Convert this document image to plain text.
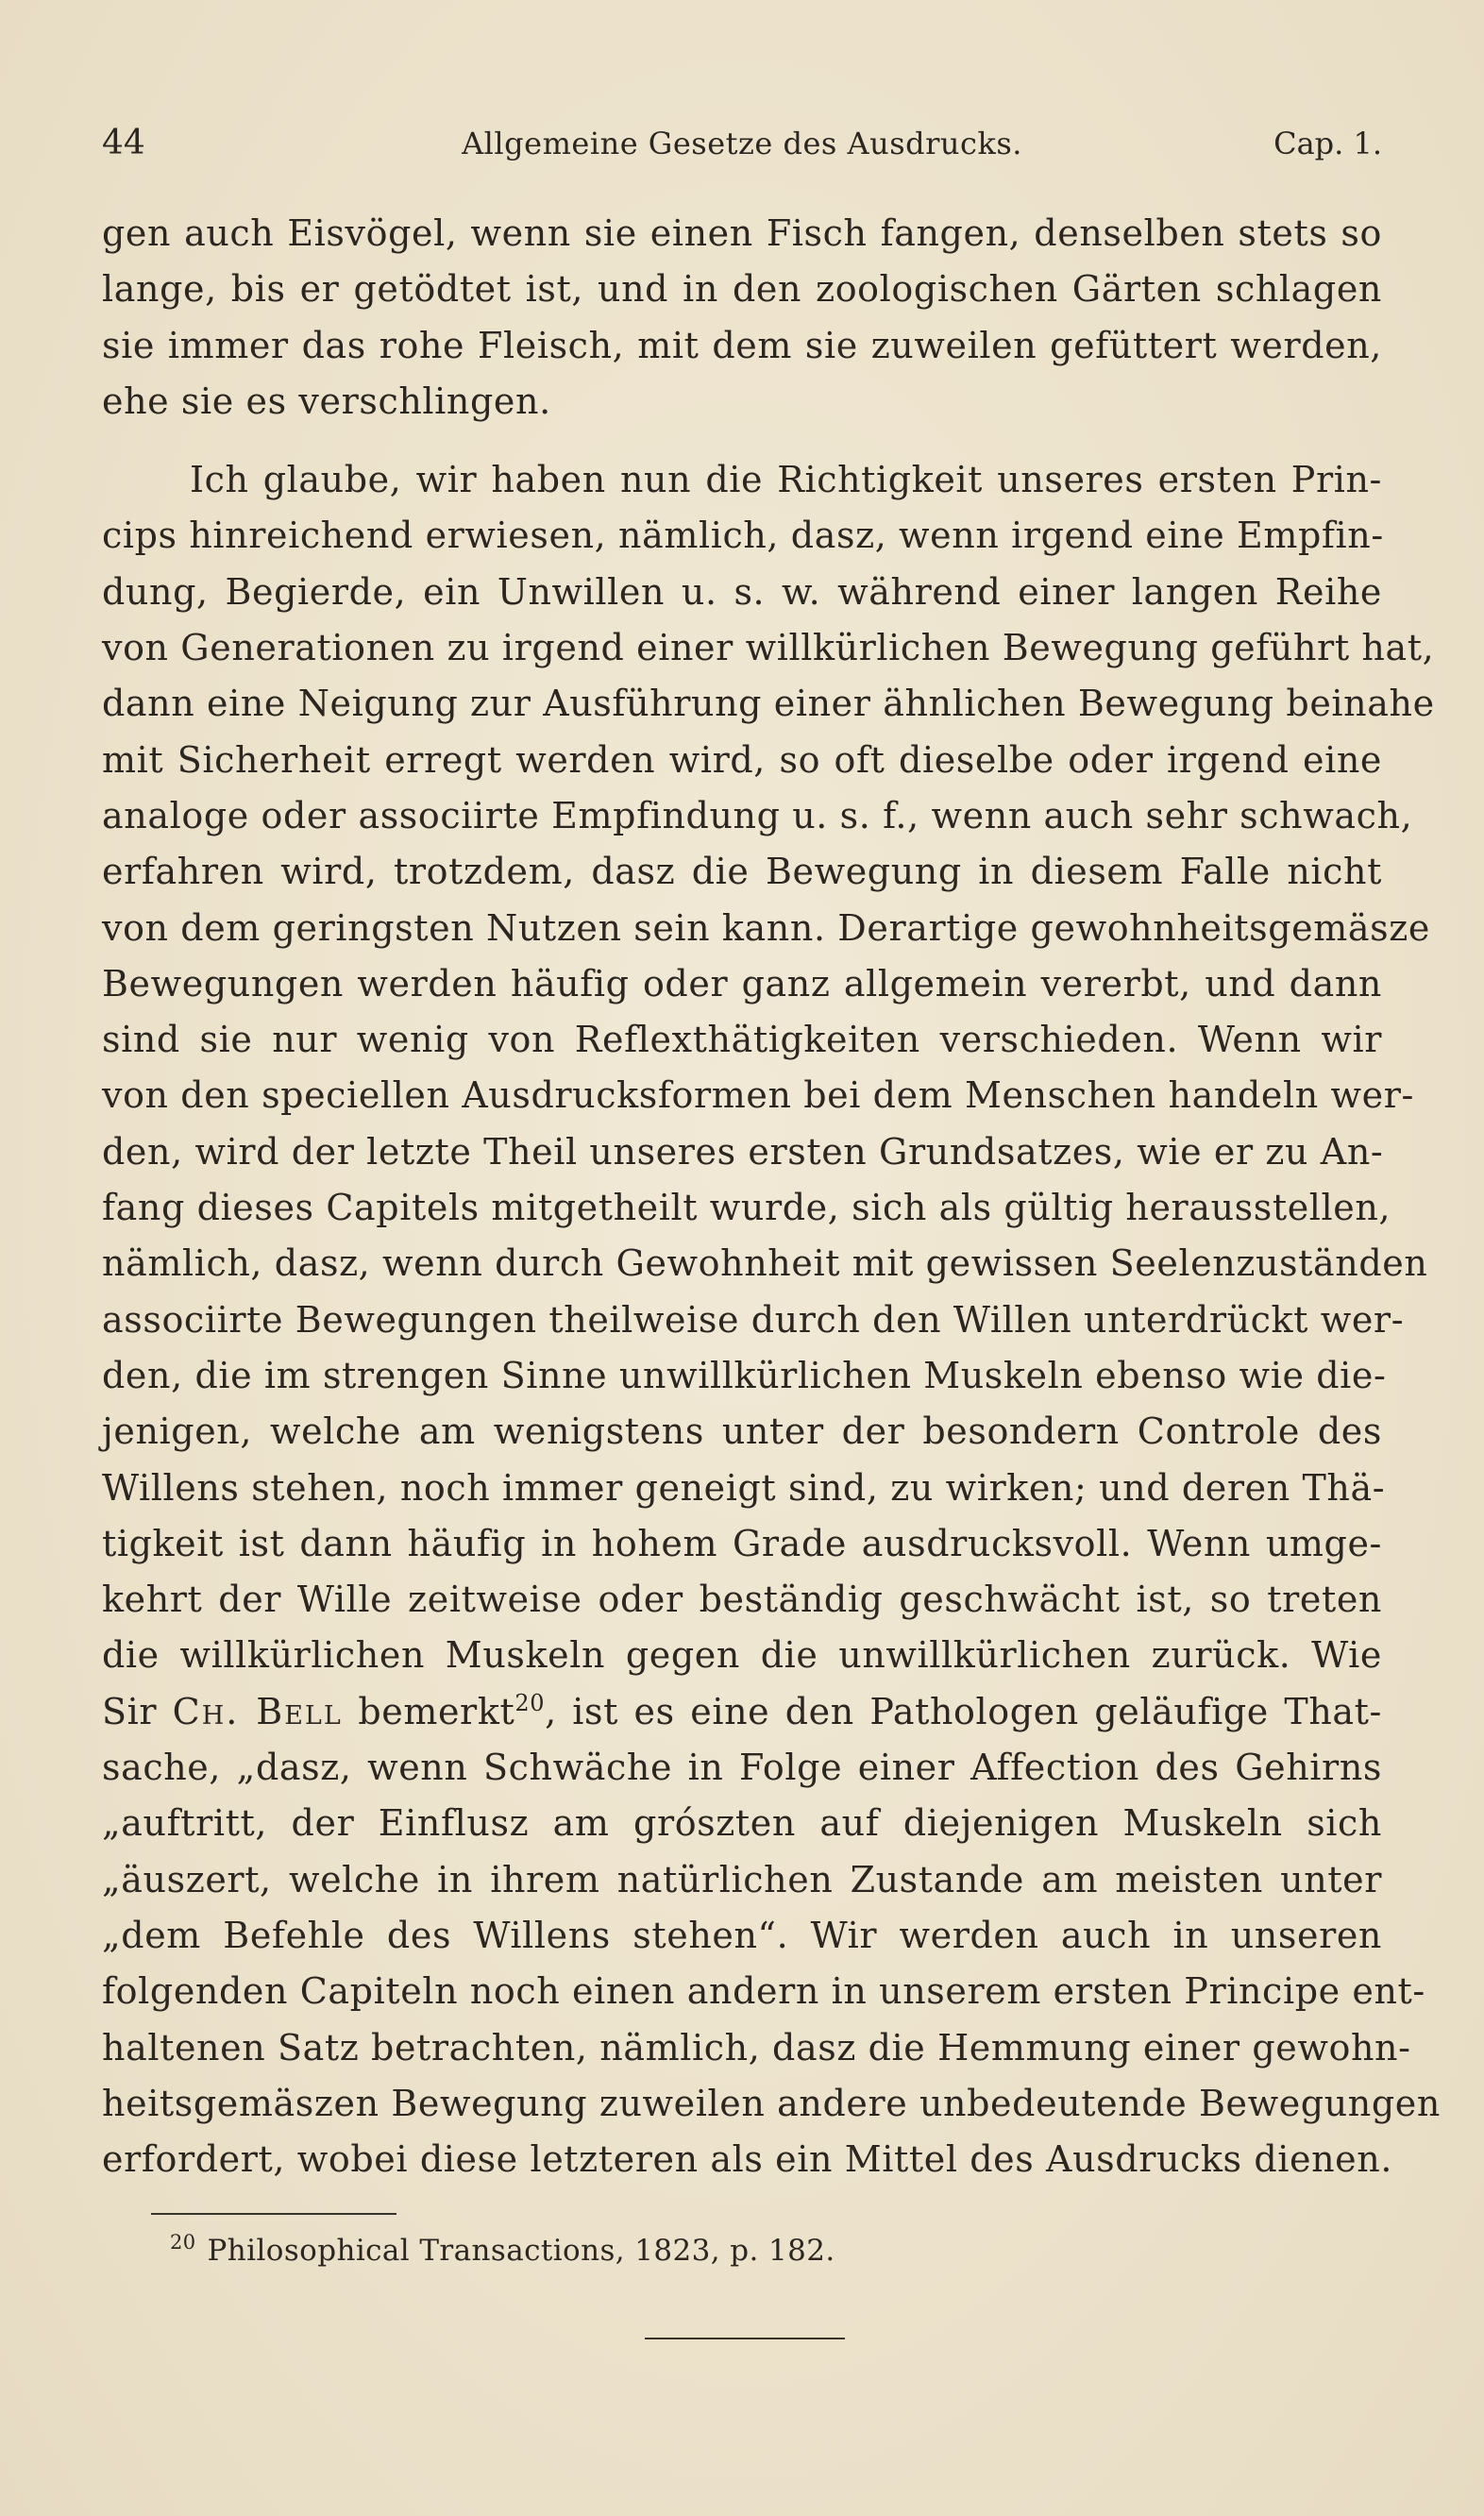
44	Allgemeine Gesetze des Ausdrucks.	Cap. 1.
gen auch Eisvögel, wenn sie einen Fisch fangen, denselben stets so
lange, bis er getödtet ist, und in den zoologischen Gärten schlagen
sie immer das rohe Fleisch, mit dem sie zuweilen gefüttert werden,
ehe sie es verschlingen.
Ich glaube, wir haben nun die Richtigkeit unseres ersten Prin-
cips hinreichend erwiesen, nämlich, dasz, wenn irgend eine Empfin-
dung, Begierde, ein Unwillen u. s. w. während einer langen Reihe
von Generationen zu irgend einer willkürlichen Bewegung geführt hat,
dann eine Neigung zur Ausführung einer ähnlichen Bewegung beinahe
mit Sicherheit erregt werden wird, so oft dieselbe oder irgend eine
analoge oder associirte Empfindung u. s. f., wenn auch sehr schwach,
erfahren wird, trotzdem, dasz die Bewegung in diesem Falle nicht
von dem geringsten Nutzen sein kann. Derartige gewohnheitsgemäsze
Bewegungen werden häufig oder ganz allgemein vererbt, und dann
sind sie nur wenig von Reflexthätigkeiten verschieden. Wenn wir
von den speciellen Ausdrucksformen bei dem Menschen handeln wer-
den, wird der letzte Theil unseres ersten Grundsatzes, wie er zu An-
fang dieses Capitels mitgetheilt wurde, sich als gültig herausstellen,
nämlich, dasz, wenn durch Gewohnheit mit gewissen Seelenzuständen
associirte Bewegungen theilweise durch den Willen unterdrückt wer-
den, die im strengen Sinne unwillkürlichen Muskeln ebenso wie die-
jenigen, welche am wenigstens unter der besondern Controle des
Willens stehen, noch immer geneigt sind, zu wirken; und deren Thä-
tigkeit ist dann häufig in hohem Grade ausdrucksvoll. Wenn umge-
kehrt der Wille zeitweise oder beständig geschwächt ist, so treten
die willkürlichen Muskeln gegen die unwillkürlichen zurück. Wie
Sir Ch. Bell bemerkt$^{20}$, ist es eine den Pathologen geläufige That-
sache, „dasz, wenn Schwäche in Folge einer Affection des Gehirns
„auftritt, der Einflusz am grószten auf diejenigen Muskeln sich
„äuszert, welche in ihrem natürlichen Zustande am meisten unter
„dem Befehle des Willens stehen“. Wir werden auch in unseren
folgenden Capiteln noch einen andern in unserem ersten Principe ent-
haltenen Satz betrachten, nämlich, dasz die Hemmung einer gewohn-
heitsgemäszen Bewegung zuweilen andere unbedeutende Bewegungen
erfordert, wobei diese letzteren als ein Mittel des Ausdrucks dienen.
$^{20}$ Philosophical Transactions, 1823, p. 182.
